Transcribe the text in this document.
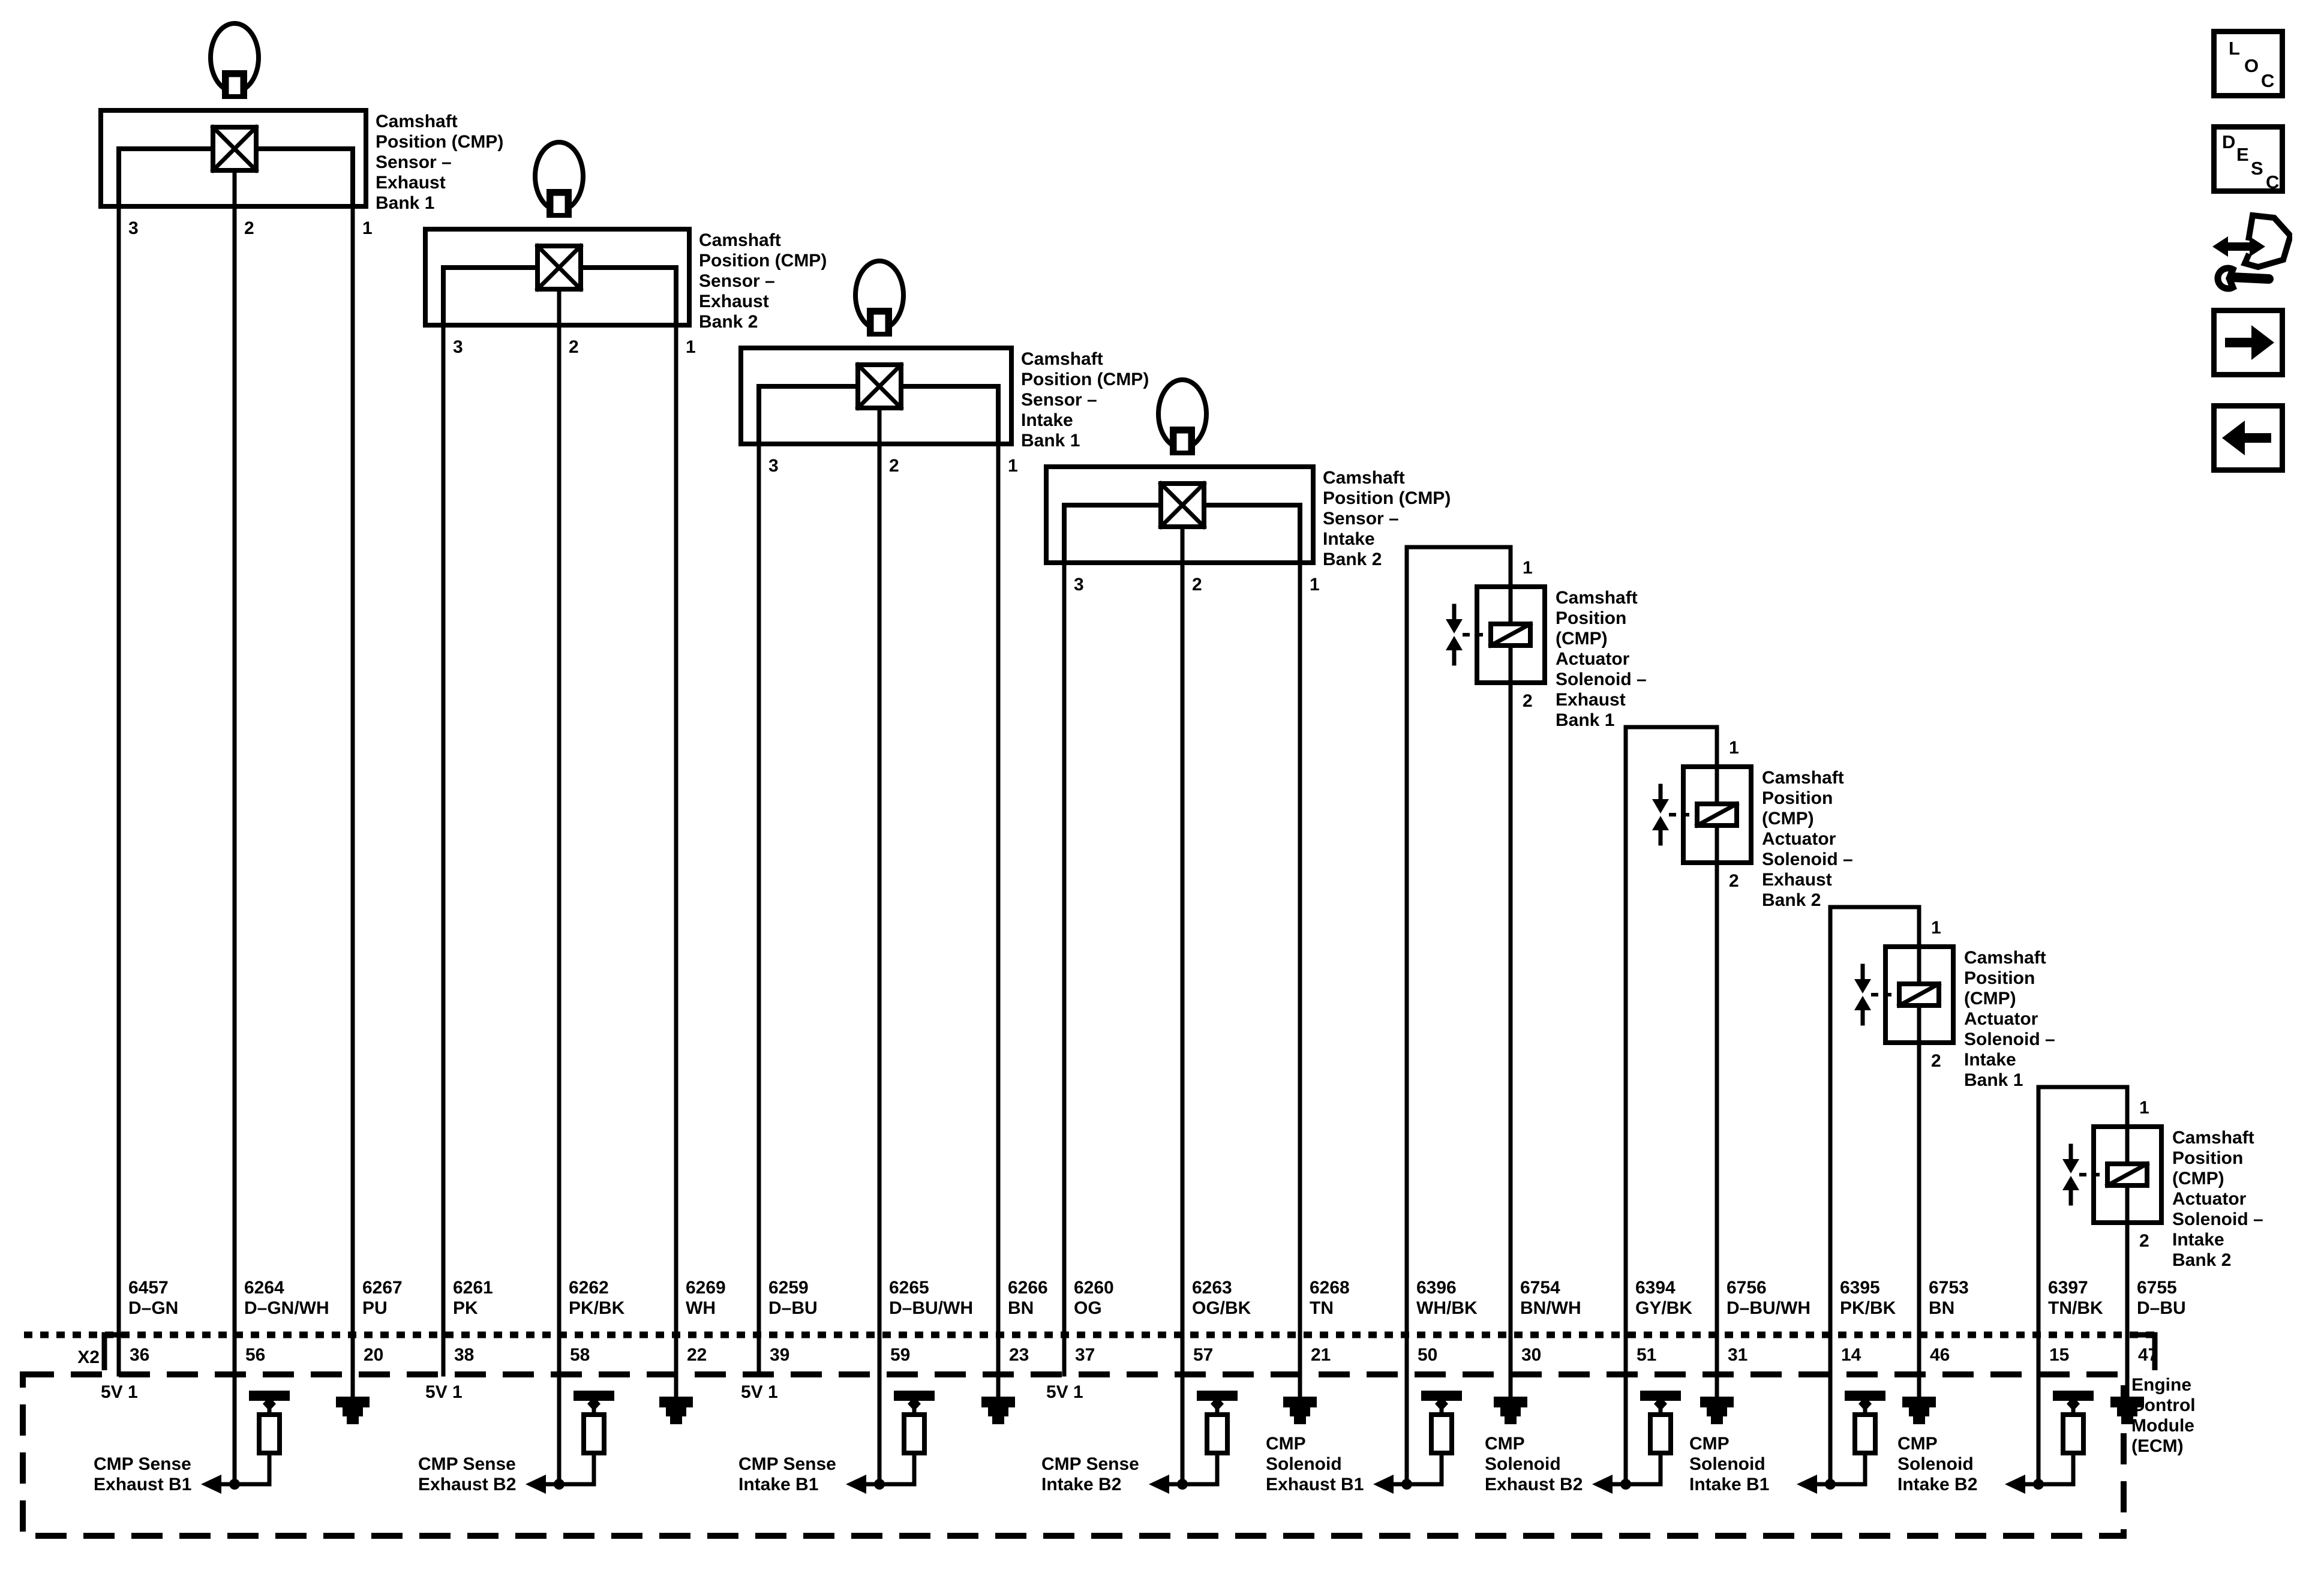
L
O
C
D
E
S
C
X2
Engine
Control
Module
(ECM)
Camshaft
Position (CMP)
Sensor –
Exhaust
Bank 1
3	2	1
6457
D–GN
36
5V 1
6264
D–GN/WH
56
CMP Sense
Exhaust B1
6267
PU
20
Camshaft
Position (CMP)
Sensor –
Exhaust
Bank 2
3	2	1
6261
PK
38
5V 1
6262
PK/BK
58
CMP Sense
Exhaust B2
6269
WH
22
Camshaft
Position (CMP)
Sensor –
Intake
Bank 1
3	2	1
6259
D–BU
39
5V 1
6265
D–BU/WH
59
CMP Sense
Intake B1
6266
BN
23
Camshaft
Position (CMP)
Sensor –
Intake
Bank 2
3	2	1
6260
OG
37
5V 1
6263
OG/BK
57
CMP Sense
Intake B2
6268
TN
21
Camshaft
Position
(CMP)
Actuator
Solenoid –
Exhaust
Bank 1
1
2
6396
WH/BK
50
CMP
Solenoid
Exhaust B1
6754
BN/WH
30
Camshaft
Position
(CMP)
Actuator
Solenoid –
Exhaust
Bank 2
1
2
6394
GY/BK
51
CMP
Solenoid
Exhaust B2
6756
D–BU/WH
31
Camshaft
Position
(CMP)
Actuator
Solenoid –
Intake
Bank 1
1
2
6395
PK/BK
14
CMP
Solenoid
Intake B1
6753
BN
46
Camshaft
Position
(CMP)
Actuator
Solenoid –
Intake
Bank 2
1
2
6397
TN/BK
15
CMP
Solenoid
Intake B2
6755
D–BU
47
